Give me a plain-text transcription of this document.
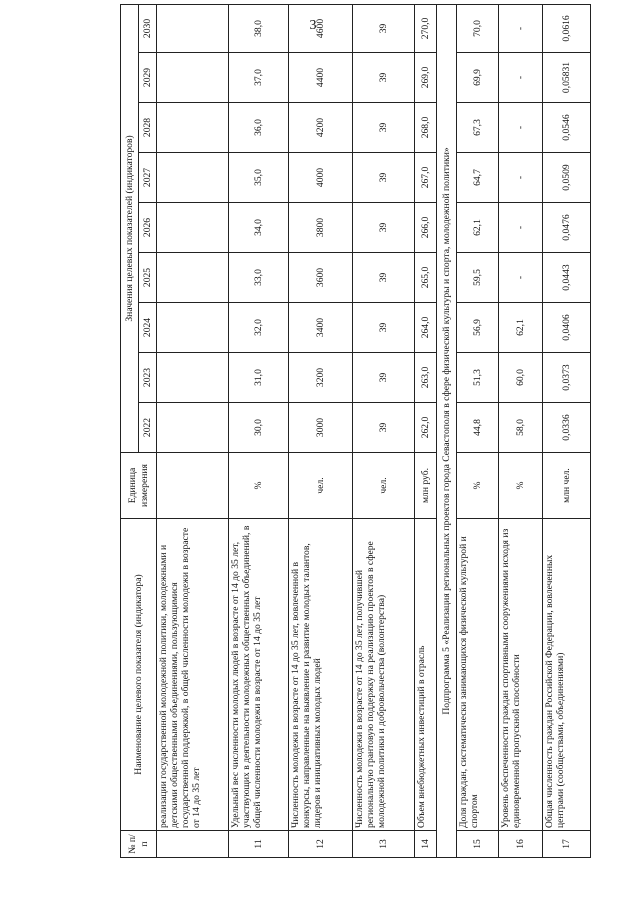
3
№ п/п	Наименование целевого показателя (индикатора)	Единица измерения	Значения целевых показателей (индикаторов)								
			2022	2023	2024	2025	2026	2027	2028	2029	2030
	реализации государственной молодежной политики, молодежными и детскими общественными объединениями, пользующимися государственной поддержкой, в общей численности молодежи в возрасте от 14 до 35 лет										
11	Удельный вес численности молодых людей в возрасте от 14 до 35 лет, участвующих в деятельности молодежных общественных объединений, в общей численности молодежи в возрасте от 14 до 35 лет	%	30,0	31,0	32,0	33,0	34,0	35,0	36,0	37,0	38,0
12	Численность молодежи в возрасте от 14 до 35 лет, вовлеченной в конкурсы, направленные на выявление и развитие молодых талантов, лидеров и инициативных молодых людей	чел.	3000	3200	3400	3600	3800	4000	4200	4400	4600
13	Численность молодежи в возрасте от 14 до 35 лет, получившей региональную грантовую поддержку на реализацию проектов в сфере молодежной политики и добровольчества (волонтерства)	чел.	39	39	39	39	39	39	39	39	39
14	Объем внебюджетных инвестиций в отрасль	млн руб.	262,0	263,0	264,0	265,0	266,0	267,0	268,0	269,0	270,0
Подпрограмма 5 «Реализация региональных проектов города Севастополя в сфере физической культуры и спорта, молодежной политики»											
15	Доля граждан, систематически занимающихся физической культурой и спортом	%	44,8	51,3	56,9	59,5	62,1	64,7	67,3	69,9	70,0
16	Уровень обеспеченности граждан спортивными сооружениями исходя из единовременной пропускной способности	%	58,0	60,0	62,1	-	-	-	-	-	-
17	Общая численность граждан Российской Федерации, вовлеченных центрами (сообществами, объединениями)	млн чел.	0,0336	0,0373	0,0406	0,0443	0,0476	0,0509	0,0546	0,05831	0,0616
